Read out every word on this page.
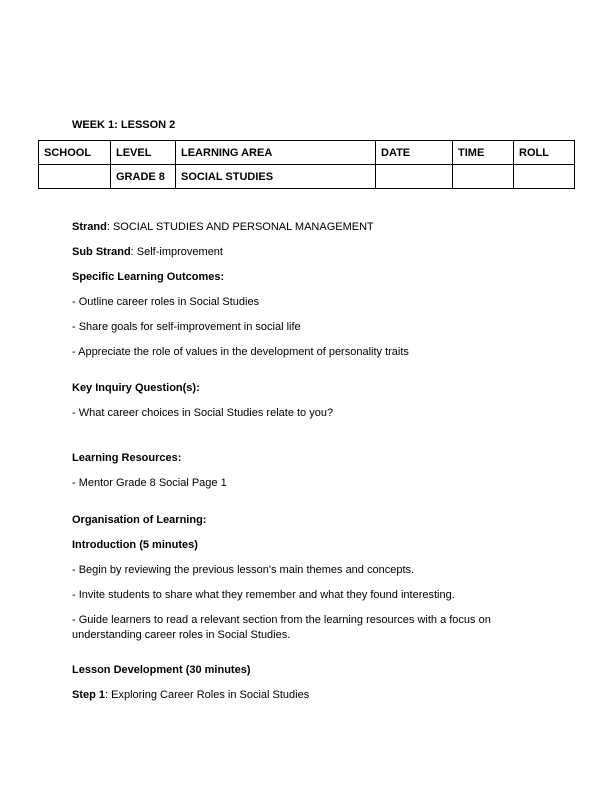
WEEK 1: LESSON 2
SCHOOL	LEVEL	LEARNING AREA	DATE	TIME	ROLL
	GRADE 8	SOCIAL STUDIES			

Strand: SOCIAL STUDIES AND PERSONAL MANAGEMENT

Sub Strand: Self-improvement

Specific Learning Outcomes:

- Outline career roles in Social Studies

- Share goals for self-improvement in social life

- Appreciate the role of values in the development of personality traits

Key Inquiry Question(s):

- What career choices in Social Studies relate to you?

Learning Resources:

- Mentor Grade 8 Social Page 1

Organisation of Learning:

Introduction (5 minutes)

- Begin by reviewing the previous lesson's main themes and concepts.

- Invite students to share what they remember and what they found interesting.

- Guide learners to read a relevant section from the learning resources with a focus on understanding career roles in Social Studies.

Lesson Development (30 minutes)

Step 1: Exploring Career Roles in Social Studies
